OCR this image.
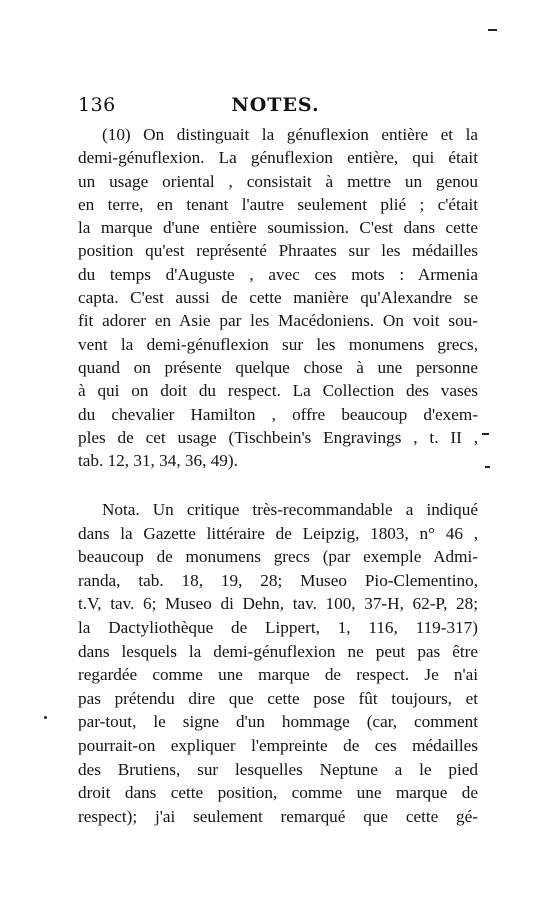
136	NOTES.
(10) On distinguait la génuflexion entière et la
demi-génuflexion. La génuflexion entière, qui était
un usage oriental , consistait à mettre un genou
en terre, en tenant l'autre seulement plié ; c'était
la marque d'une entière soumission. C'est dans cette
position qu'est représenté Phraates sur les médailles
du temps d'Auguste , avec ces mots : Armenia
capta. C'est aussi de cette manière qu'Alexandre se
fit adorer en Asie par les Macédoniens. On voit sou-
vent la demi-génuflexion sur les monumens grecs,
quand on présente quelque chose à une personne
à qui on doit du respect. La Collection des vases
du chevalier Hamilton , offre beaucoup d'exem-
ples de cet usage (Tischbein's Engravings , t. II ,
tab. 12, 31, 34, 36, 49).
Nota. Un critique très-recommandable a indiqué
dans la Gazette littéraire de Leipzig, 1803, n° 46 ,
beaucoup de monumens grecs (par exemple Admi-
randa, tab. 18, 19, 28; Museo Pio-Clementino,
t.V, tav. 6; Museo di Dehn, tav. 100, 37-H, 62-P, 28;
la Dactyliothèque de Lippert, 1, 116, 119-317)
dans lesquels la demi-génuflexion ne peut pas être
regardée comme une marque de respect. Je n'ai
pas prétendu dire que cette pose fût toujours, et
par-tout, le signe d'un hommage (car, comment
pourrait-on expliquer l'empreinte de ces médailles
des Brutiens, sur lesquelles Neptune a le pied
droit dans cette position, comme une marque de
respect); j'ai seulement remarqué que cette gé-
